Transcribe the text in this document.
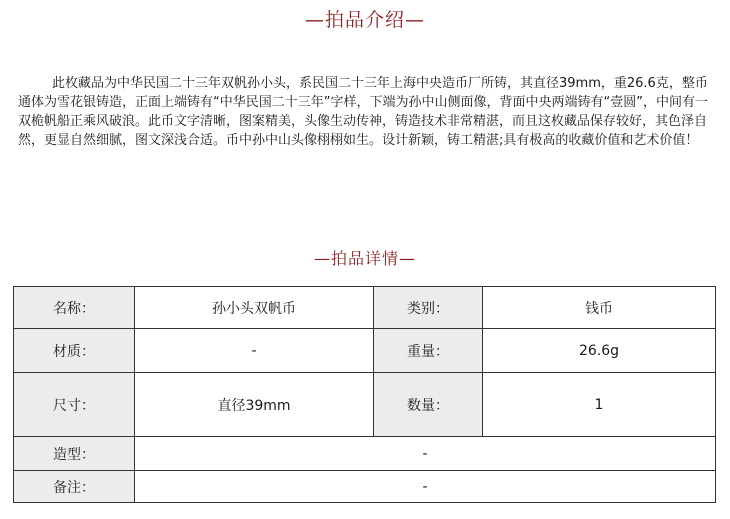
—拍品介绍—

此枚藏品为中华民国二十三年双帆孙小头，系民国二十三年上海中央造币厂所铸，其直径39mm，重26.6克，整币通体为雪花银铸造，正面上端铸有“中华民国二十三年”字样，下端为孙中山侧面像，背面中央两端铸有“壹圆”，中间有一双桅帆船正乘风破浪。此币文字清晰，图案精美，头像生动传神，铸造技术非常精湛，而且这枚藏品保存较好，其色泽自然，更显自然细腻，图文深浅合适。币中孙中山头像栩栩如生。设计新颖，铸工精湛;具有极高的收藏价值和艺术价值！

—拍品详情—
名称：	孙小头双帆币	类别：	钱币
材质：	-	重量：	26.6g
尺寸：	直径39mm	数量：	1
造型：	-		
备注：	-		
